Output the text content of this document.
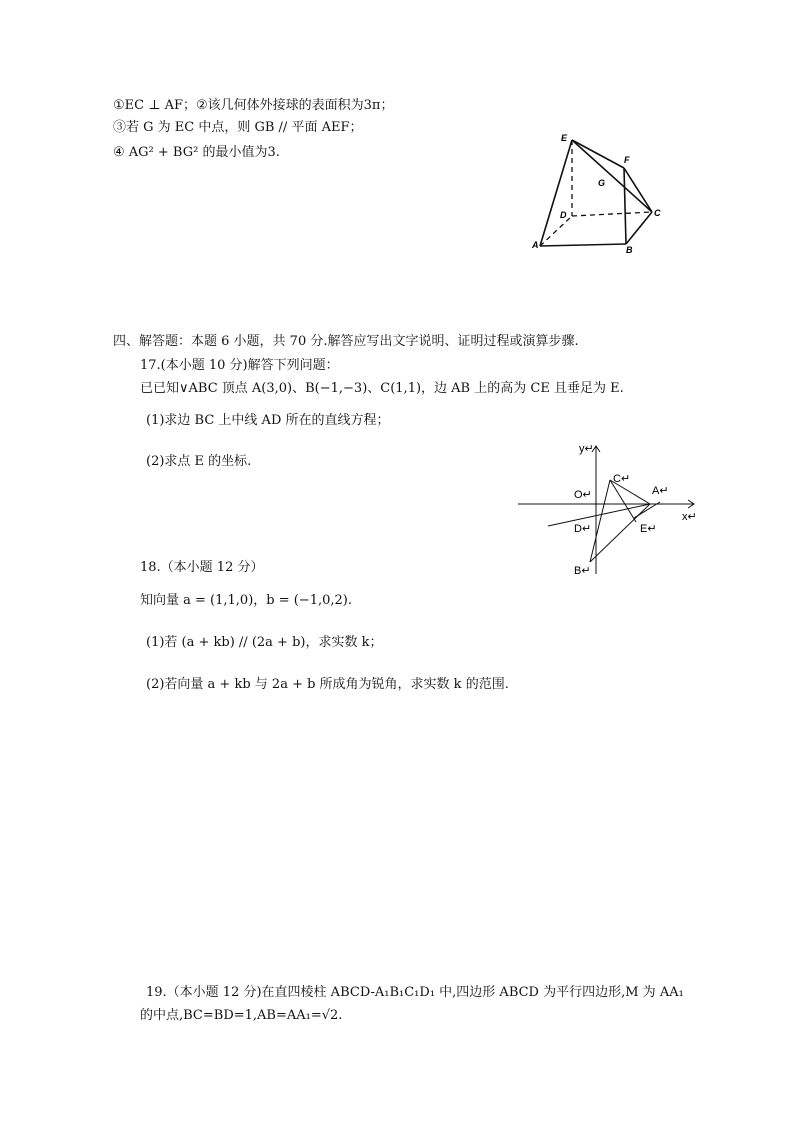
①EC ⊥ AF；②该几何体外接球的表面积为3π；
③若 G 为 EC 中点，则 GB // 平面 AEF；
④ AG² + BG² 的最小值为3.
四、解答题：本题 6 小题，共 70 分.解答应写出文字说明、证明过程或演算步骤.
17.(本小题 10 分)解答下列问题：
已已知∨ABC 顶点 A(3,0)、B(−1,−3)、C(1,1)，边 AB 上的高为 CE 且垂足为 E.
(1)求边 BC 上中线 AD 所在的直线方程；
(2)求点 E 的坐标.
18.（本小题 12 分）
知向量 a = (1,1,0)，b = (−1,0,2).
(1)若 (a + kb) // (2a + b)，求实数 k；
(2)若向量 a + kb 与 2a + b 所成角为锐角，求实数 k 的范围.
19.（本小题 12 分)在直四棱柱 ABCD-A₁B₁C₁D₁ 中,四边形 ABCD 为平行四边形,M 为 AA₁
的中点,BC=BD=1,AB=AA₁=√2.
E
F
G
D	C
A	B
y↵
x↵
O↵
C↵
A↵
D↵	E↵
B↵
